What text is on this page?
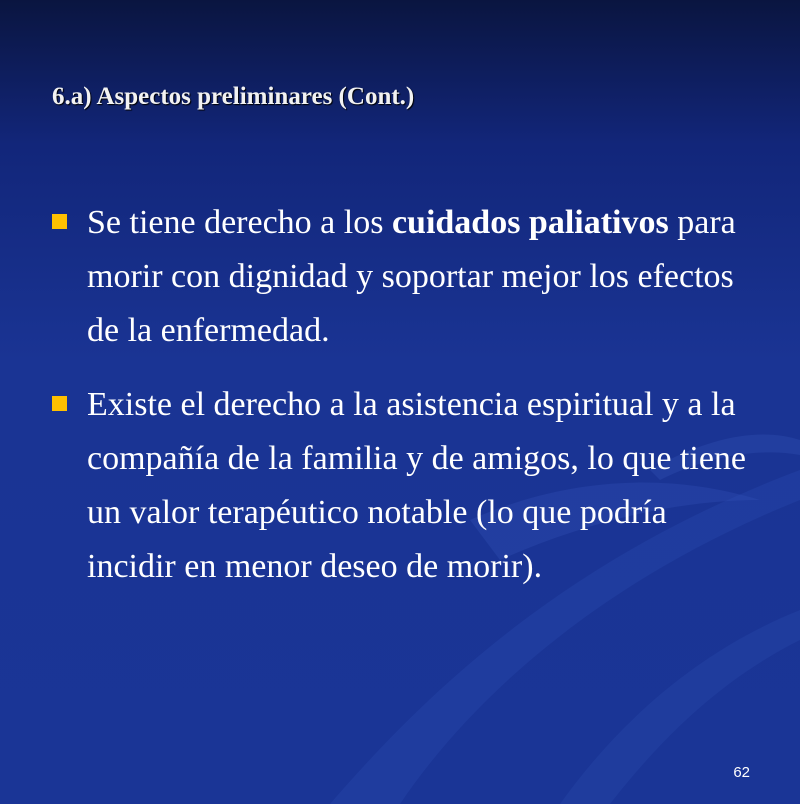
6.a) Aspectos preliminares (Cont.)
Se tiene derecho a los cuidados paliativos para morir con dignidad y soportar mejor los efectos de la enfermedad.
Existe el derecho a la asistencia espiritual y a la compañía de la familia y de amigos, lo que tiene un valor terapéutico notable (lo que podría incidir en menor deseo de morir).
62
